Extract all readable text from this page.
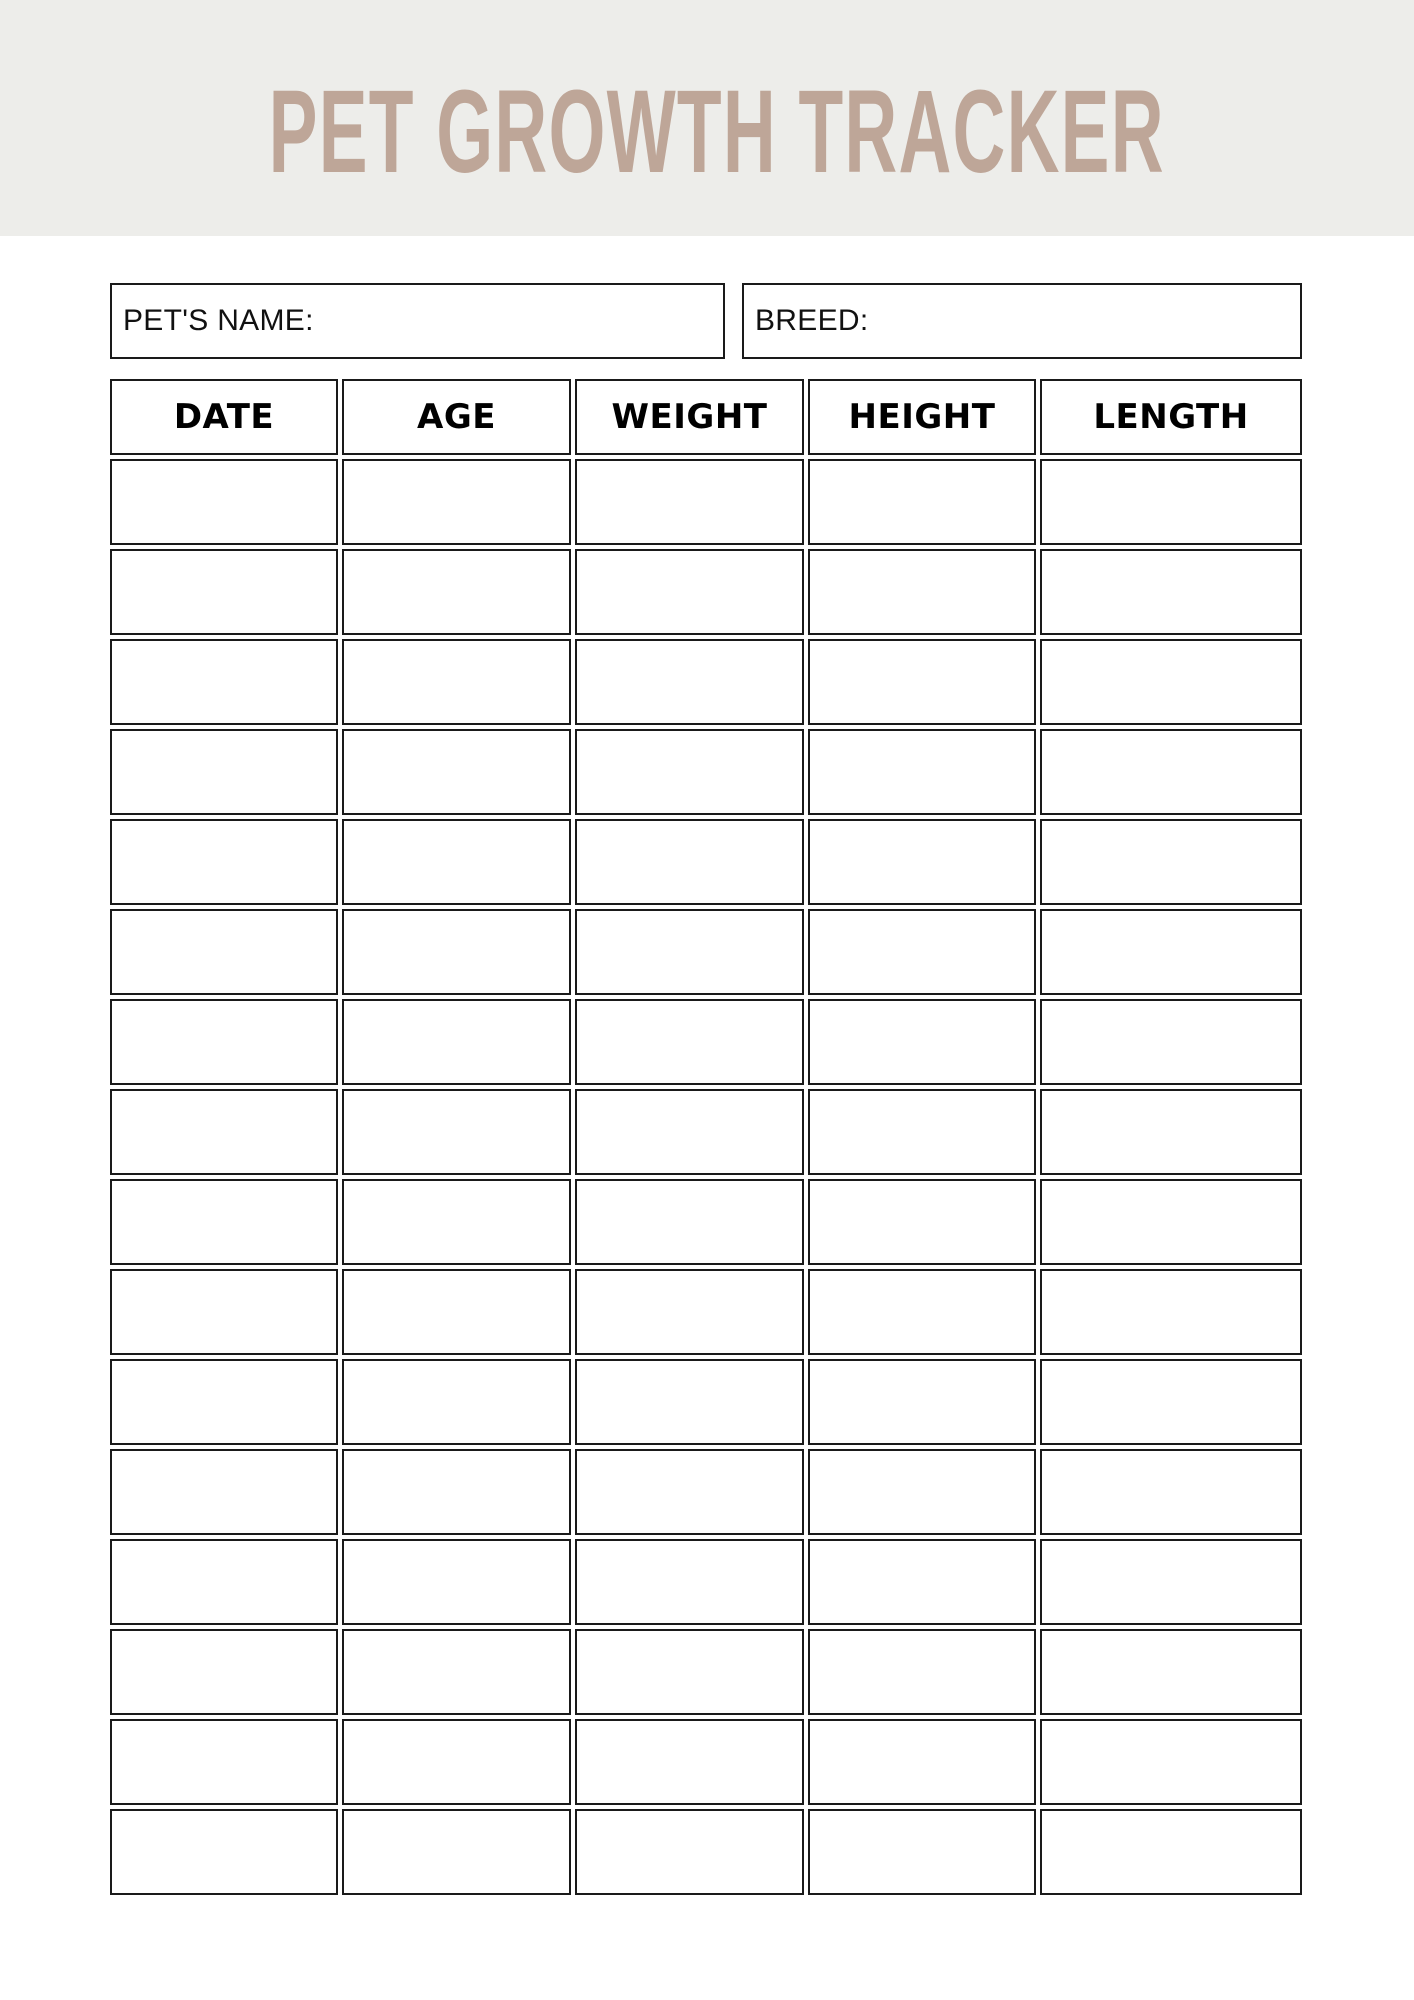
PET GROWTH TRACKER
PET'S NAME:	BREED:
DATE	AGE	WEIGHT	HEIGHT	LENGTH
